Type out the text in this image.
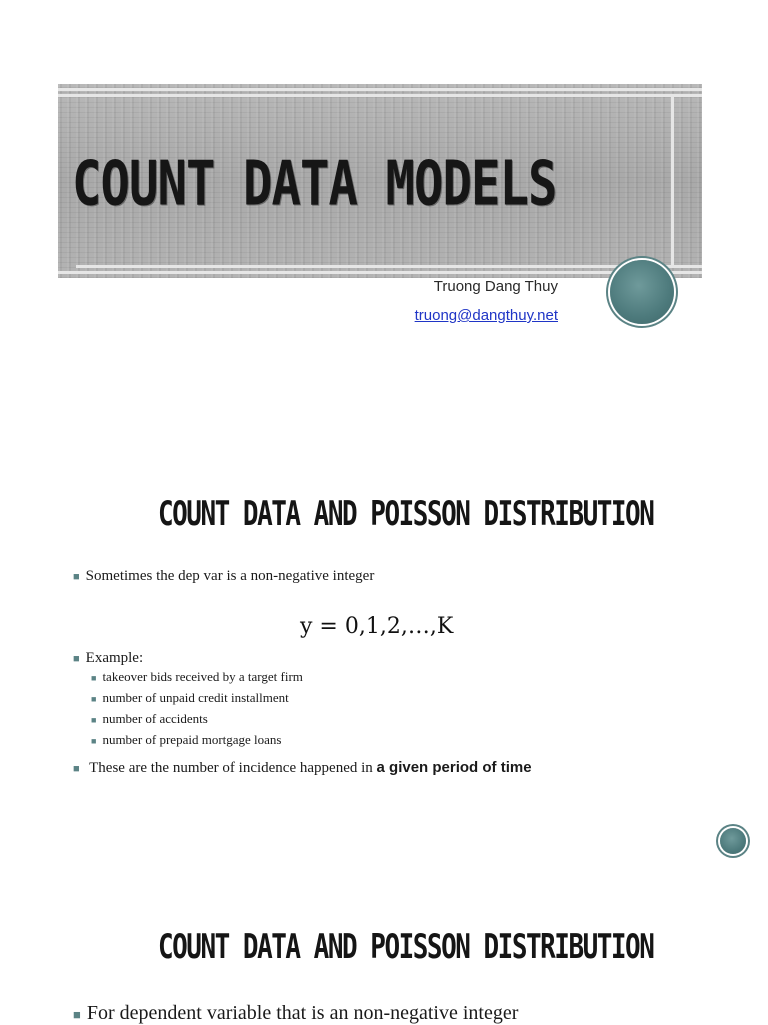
COUNT DATA MODELS
Truong Dang Thuy
truong@dangthuy.net
COUNT DATA AND POISSON DISTRIBUTION
■ Sometimes the dep var is a non-negative integer
y = 0,1,2,…,K
■ Example:
■ takeover bids received by a target firm
■ number of unpaid credit installment
■ number of accidents
■ number of prepaid mortgage loans
■ These are the number of incidence happened in a given period of time
COUNT DATA AND POISSON DISTRIBUTION
■ For dependent variable that is an non-negative integer
